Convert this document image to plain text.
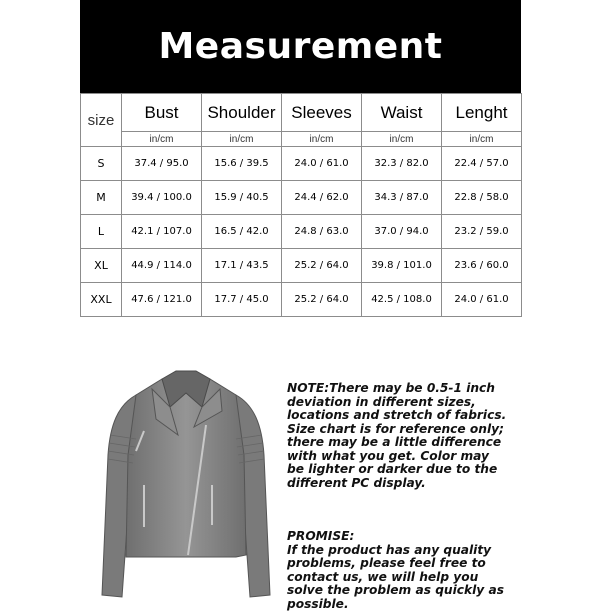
Measurement
size	Bust	Shoulder	Sleeves	Waist	Lenght
	in/cm	in/cm	in/cm	in/cm	in/cm
S	37.4 / 95.0	15.6 / 39.5	24.0 / 61.0	32.3 / 82.0	22.4 / 57.0
M	39.4 / 100.0	15.9 / 40.5	24.4 / 62.0	34.3 / 87.0	22.8 / 58.0
L	42.1 / 107.0	16.5 / 42.0	24.8 / 63.0	37.0 / 94.0	23.2 / 59.0
XL	44.9 / 114.0	17.1 / 43.5	25.2 / 64.0	39.8 / 101.0	23.6 / 60.0
XXL	47.6 / 121.0	17.7 / 45.0	25.2 / 64.0	42.5 / 108.0	24.0 / 61.0

NOTE:There may be 0.5-1 inch deviation in different sizes, locations and stretch of fabrics. Size chart is for reference only; there may be a little difference with what you get. Color may be lighter or darker due to the different PC display.

PROMISE:

If the product has any quality problems, please feel free to contact us, we will help you solve the problem as quickly as possible.
